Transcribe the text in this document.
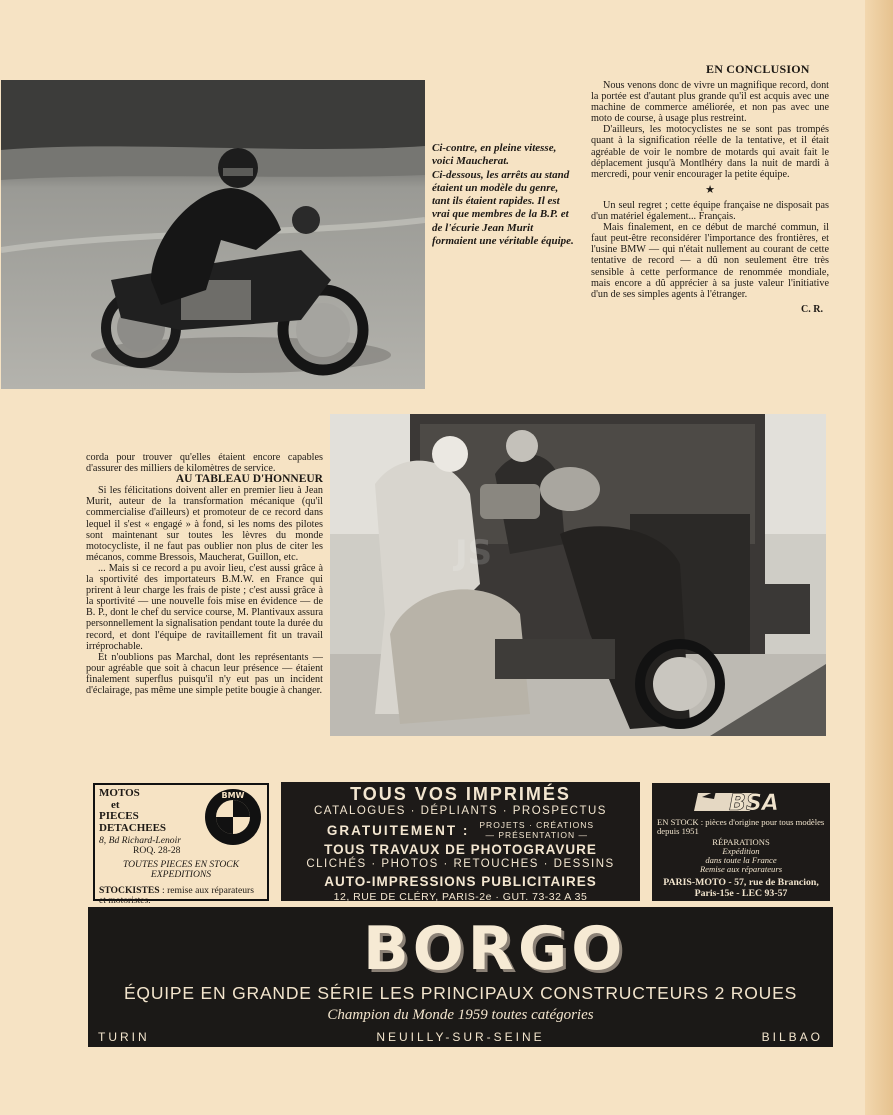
Ci-contre, en pleine vitesse, voici Maucherat.

Ci-dessous, les arrêts au stand étaient un modèle du genre, tant ils étaient rapides. Il est vrai que membres de la B.P. et de l'écurie Jean Murit formaient une véritable équipe.

EN CONCLUSION

Nous venons donc de vivre un magnifique record, dont la portée est d'autant plus grande qu'il est acquis avec une machine de commerce améliorée, et non pas avec une moto de course, à usage plus restreint.

D'ailleurs, les motocyclistes ne se sont pas trompés quant à la signification réelle de la tentative, et il était agréable de voir le nombre de motards qui avait fait le déplacement jusqu'à Montlhéry dans la nuit de mardi à mercredi, pour venir encourager la petite équipe.

★

Un seul regret ; cette équipe française ne disposait pas d'un matériel également... Français.

Mais finalement, en ce début de marché commun, il faut peut-être reconsidérer l'importance des frontières, et l'usine BMW — qui n'était nullement au courant de cette tentative de record — a dû non seulement être très sensible à cette performance de renommée mondiale, mais encore a dû apprécier à sa juste valeur l'initiative d'un de ses simples agents à l'étranger.

C. R.
JS

corda pour trouver qu'elles étaient encore capables d'assurer des milliers de kilomètres de service.

AU TABLEAU D'HONNEUR

Si les félicitations doivent aller en premier lieu à Jean Murit, auteur de la transformation mécanique (qu'il commercialise d'ailleurs) et promoteur de ce record dans lequel il s'est « engagé » à fond, si les noms des pilotes sont maintenant sur toutes les lèvres du monde motocycliste, il ne faut pas oublier non plus de citer les mécanos, comme Bressois, Maucherat, Guillon, etc.

... Mais si ce record a pu avoir lieu, c'est aussi grâce à la sportivité des importateurs B.M.W. en France qui prirent à leur charge les frais de piste ; c'est aussi grâce à la sportivité — une nouvelle fois mise en évidence — de B. P., dont le chef du service course, M. Plantivaux assura personnellement la signalisation pendant toute la durée du record, et dont l'équipe de ravitaillement fit un travail irréprochable.

Et n'oublions pas Marchal, dont les représentants — pour agréable que soit à chacun leur présence — étaient finalement superflus puisqu'il n'y eut pas un incident d'éclairage, pas même une simple petite bougie à changer.

MOTOS
et
PIECES
DETACHEES
BMW
8, Bd Richard-Lenoir
ROQ. 28-28
TOUTES PIECES EN STOCK
EXPEDITIONS
STOCKISTES : remise aux réparateurs et motoristes.
TOUS VOS IMPRIMÉS
CATALOGUES · DÉPLIANTS · PROSPECTUS
GRATUITEMENT : PROJETS · CRÉATIONS
— PRÉSENTATION —
TOUS TRAVAUX DE PHOTOGRAVURE
CLICHÉS · PHOTOS · RETOUCHES · DESSINS
AUTO-IMPRESSIONS PUBLICITAIRES
12, RUE DE CLÉRY, PARIS-2e · GUT. 73-32 A 35
BSA
EN STOCK : pièces d'origine pour tous modèles depuis 1951
RÉPARATIONS
Expédition
dans toute la France
Remise aux réparateurs
PARIS-MOTO - 57, rue de Brancion,
Paris-15e - LEC 93-57
BORGO
ÉQUIPE EN GRANDE SÉRIE LES PRINCIPAUX CONSTRUCTEURS 2 ROUES
Champion du Monde 1959 toutes catégories
NEUILLY-SUR-SEINE
TURIN	BILBAO
